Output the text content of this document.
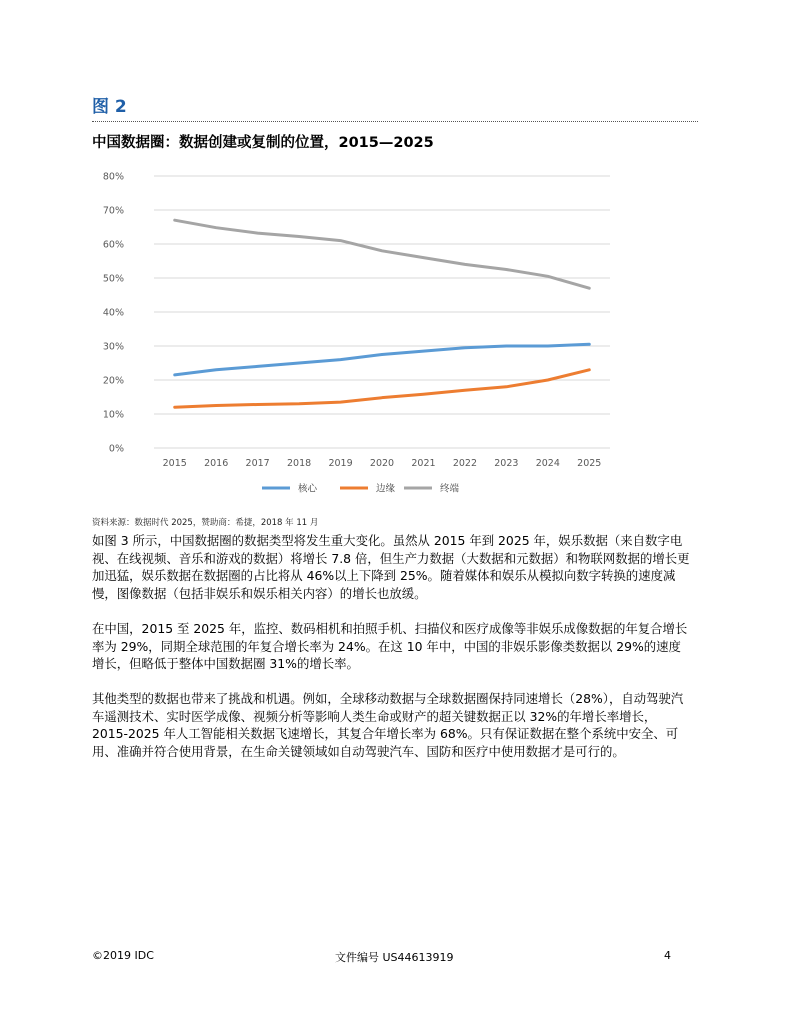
图 2
中国数据圈：数据创建或复制的位置，2015—2025
0%
10%
20%
30%
40%
50%
60%
70%
80%
2015 2016 2017 2018 2019 2020 2021 2022 2023 2024 2025
核心	边缘	终端
资料来源：数据时代 2025，赞助商：希捷，2018 年 11 月

如图 3 所示，中国数据圈的数据类型将发生重大变化。虽然从 2015 年到 2025 年，娱乐数据（来自数字电视、在线视频、音乐和游戏的数据）将增长 7.8 倍，但生产力数据（大数据和元数据）和物联网数据的增长更加迅猛，娱乐数据在数据圈的占比将从 46%以上下降到 25%。随着媒体和娱乐从模拟向数字转换的速度减慢，图像数据（包括非娱乐和娱乐相关内容）的增长也放缓。

在中国，2015 至 2025 年，监控、数码相机和拍照手机、扫描仪和医疗成像等非娱乐成像数据的年复合增长率为 29%，同期全球范围的年复合增长率为 24%。在这 10 年中，中国的非娱乐影像类数据以 29%的速度增长，但略低于整体中国数据圈 31%的增长率。

其他类型的数据也带来了挑战和机遇。例如，全球移动数据与全球数据圈保持同速增长（28%），自动驾驶汽车遥测技术、实时医学成像、视频分析等影响人类生命或财产的超关键数据正以 32%的年增长率增长，2015-2025 年人工智能相关数据飞速增长，其复合年增长率为 68%。只有保证数据在整个系统中安全、可用、准确并符合使用背景，在生命关键领域如自动驾驶汽车、国防和医疗中使用数据才是可行的。

©2019 IDC	文件编号 US44613919	4
